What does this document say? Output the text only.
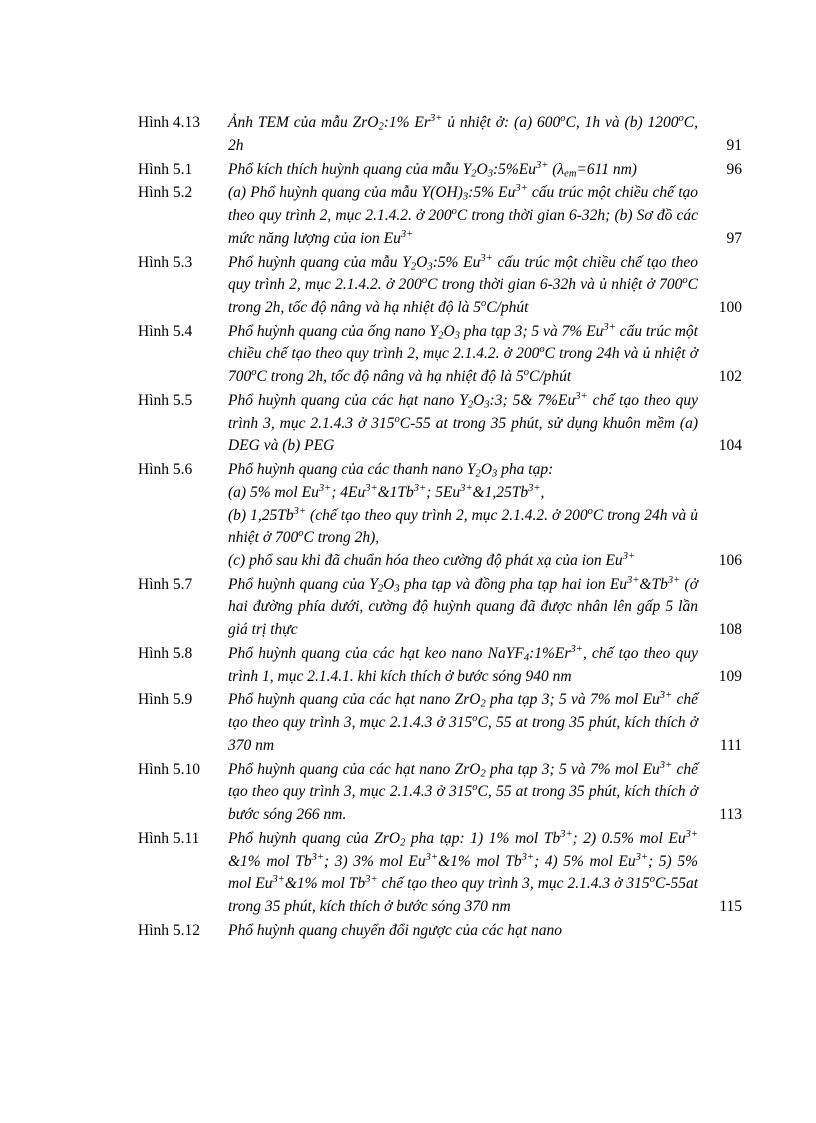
Hình 4.13	Ảnh TEM của mẫu ZrO$_2$:1% $Er^{3+}$ ủ nhiệt ở: (a) 600$^o$C, 1h và (b) 1200$^o$C, 2h	91
Hình 5.1	Phổ kích thích huỳnh quang của mẫu $Y_2O_3:5\%Eu^{3+}$ ($\lambda_{em}=611$ nm)	96
Hình 5.2	(a) Phổ huỳnh quang của mẫu $Y(OH)_3:5\%$ $Eu^{3+}$ cấu trúc một chiều chế tạo theo quy trình 2, mục 2.1.4.2. ở 200$^o$C trong thời gian 6-32h; (b) Sơ đồ các mức năng lượng của ion $Eu^{3+}$	97
Hình 5.3	Phổ huỳnh quang của mẫu $Y_2O_3:5\%$ $Eu^{3+}$ cấu trúc một chiều chế tạo theo quy trình 2, mục 2.1.4.2. ở 200$^o$C trong thời gian 6-32h và ủ nhiệt ở 700$^o$C trong 2h, tốc độ nâng và hạ nhiệt độ là 5$^o$C/phút	100
Hình 5.4	Phổ huỳnh quang của ống nano $Y_2O_3$ pha tạp 3; 5 và 7% $Eu^{3+}$ cấu trúc một chiều chế tạo theo quy trình 2, mục 2.1.4.2. ở 200$^o$C trong 24h và ủ nhiệt ở 700$^o$C trong 2h, tốc độ nâng và hạ nhiệt độ là 5$^o$C/phút	102
Hình 5.5	Phổ huỳnh quang của các hạt nano $Y_2O_3:3$; 5& $7\%Eu^{3+}$ chế tạo theo quy trình 3, mục 2.1.4.3 ở 315$^o$C-55 at trong 35 phút, sử dụng khuôn mềm (a) DEG và (b) PEG	104
Hình 5.6	Phổ huỳnh quang của các thanh nano $Y_2O_3$ pha tạp:
(a) 5% mol $Eu^{3+}$; $4Eu^{3+}\&1Tb^{3+}$; $5Eu^{3+}\&1,25Tb^{3+}$,
(b) $1,25Tb^{3+}$ (chế tạo theo quy trình 2, mục 2.1.4.2. ở 200$^o$C trong 24h và ủ nhiệt ở 700$^o$C trong 2h),
(c) phổ sau khi đã chuẩn hóa theo cường độ phát xạ của ion $Eu^{3+}$	106
Hình 5.7	Phổ huỳnh quang của $Y_2O_3$ pha tạp và đồng pha tạp hai ion $Eu^{3+}\&Tb^{3+}$ (ở hai đường phía dưới, cường độ huỳnh quang đã được nhân lên gấp 5 lần giá trị thực	108
Hình 5.8	Phổ huỳnh quang của các hạt keo nano $NaYF_4:1\%Er^{3+}$, chế tạo theo quy trình 1, mục 2.1.4.1. khi kích thích ở bước sóng 940 nm	109
Hình 5.9	Phổ huỳnh quang của các hạt nano ZrO$_2$ pha tạp 3; 5 và 7% mol $Eu^{3+}$ chế tạo theo quy trình 3, mục 2.1.4.3 ở 315$^o$C, 55 at trong 35 phút, kích thích ở 370 nm	111
Hình 5.10	Phổ huỳnh quang của các hạt nano ZrO$_2$ pha tạp 3; 5 và 7% mol $Eu^{3+}$ chế tạo theo quy trình 3, mục 2.1.4.3 ở 315$^o$C, 55 at trong 35 phút, kích thích ở bước sóng 266 nm.	113
Hình 5.11	Phổ huỳnh quang của ZrO$_2$ pha tạp: 1) 1% mol $Tb^{3+}$; 2) 0.5% mol $Eu^{3+}$ &1% mol $Tb^{3+}$; 3) 3% mol $Eu^{3+}\&1\%$ mol $Tb^{3+}$; 4) 5% mol $Eu^{3+}$; 5) 5% mol $Eu^{3+}\&1\%$ mol $Tb^{3+}$ chế tạo theo quy trình 3, mục 2.1.4.3 ở 315$^o$C-55at trong 35 phút, kích thích ở bước sóng 370 nm	115
Hình 5.12	Phổ huỳnh quang chuyển đổi ngược của các hạt nano
